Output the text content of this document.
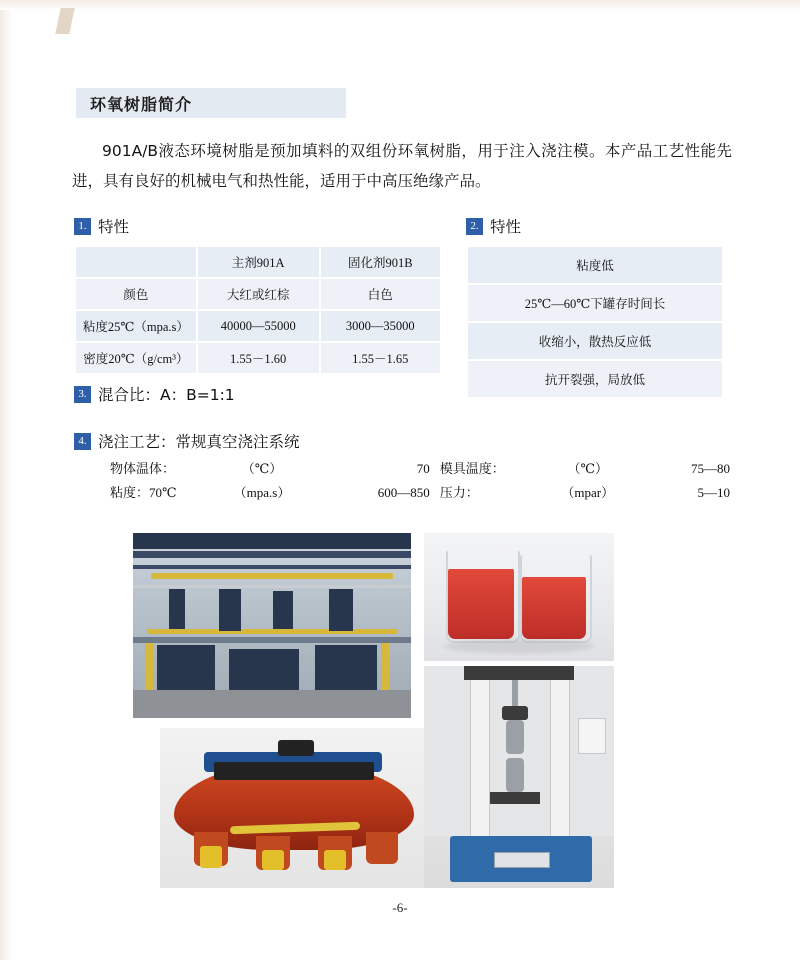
环氧树脂简介
901A/B液态环境树脂是预加填料的双组份环氧树脂，用于注入浇注模。本产品工艺性能先进，具有良好的机械电气和热性能，适用于中高压绝缘产品。
1. 特性	2. 特性
	主剂901A	固化剂901B
颜色	大红或红棕	白色
粘度25℃（mpa.s）	40000—55000	3000—35000
密度20℃（g/cm³）	1.55－1.60	1.55－1.65
粘度低
25℃—60℃下罐存时间长
收缩小，散热反应低
抗开裂强，局放低
3. 混合比：A：B=1:1
4. 浇注工艺：常规真空浇注系统
物体温体：	（℃）	70 模具温度：	（℃）	75—80
粘度：70℃	（mpa.s）	600—850 压力：	（mpar）	5—10
-6-
